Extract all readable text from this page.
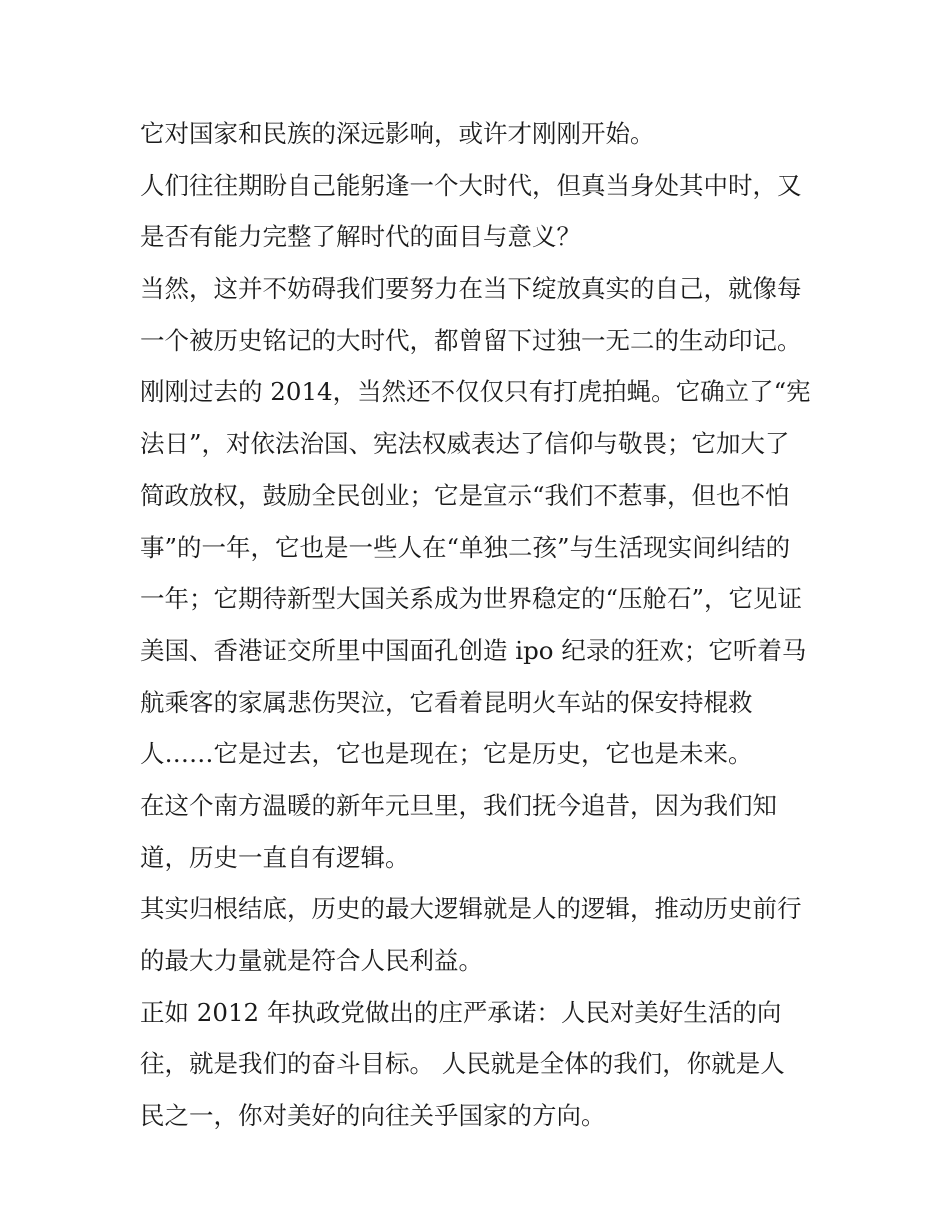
它对国家和民族的深远影响，或许才刚刚开始。
人们往往期盼自己能躬逢一个大时代，但真当身处其中时，又
是否有能力完整了解时代的面目与意义？
当然，这并不妨碍我们要努力在当下绽放真实的自己，就像每
一个被历史铭记的大时代，都曾留下过独一无二的生动印记。
刚刚过去的 2014，当然还不仅仅只有打虎拍蝇。它确立了“宪
法日”，对依法治国、宪法权威表达了信仰与敬畏；它加大了
简政放权，鼓励全民创业；它是宣示“我们不惹事，但也不怕
事”的一年，它也是一些人在“单独二孩”与生活现实间纠结的
一年；它期待新型大国关系成为世界稳定的“压舱石”，它见证
美国、香港证交所里中国面孔创造 ipo 纪录的狂欢；它听着马
航乘客的家属悲伤哭泣，它看着昆明火车站的保安持棍救
人……它是过去，它也是现在；它是历史，它也是未来。
在这个南方温暖的新年元旦里，我们抚今追昔，因为我们知
道，历史一直自有逻辑。
其实归根结底，历史的最大逻辑就是人的逻辑，推动历史前行
的最大力量就是符合人民利益。
正如 2012 年执政党做出的庄严承诺：人民对美好生活的向
往，就是我们的奋斗目标。 人民就是全体的我们，你就是人
民之一，你对美好的向往关乎国家的方向。
